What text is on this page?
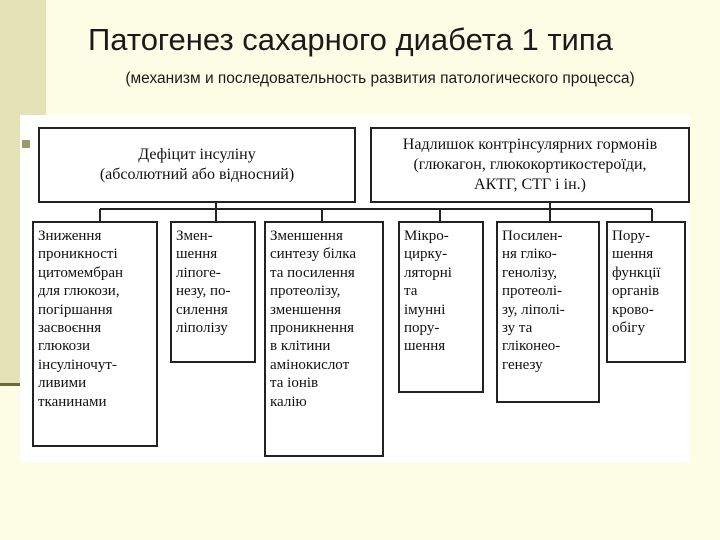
Патогенез сахарного диабета 1 типа
(механизм и последовательность развития патологического процесса)
Дефіцит інсуліну
(абсолютний або відносний)
Надлишок контрінсулярних гормонів
(глюкагон, глюкокортикостероїди,
АКТГ, СТГ і ін.)
Зниження
проникності
цитомембран
для глюкози,
погіршання
засвоєння
глюкози
інсуліночут-
ливими
тканинами
Змен-
шення
ліпоге-
незу, по-
силення
ліполізу
Зменшення
синтезу білка
та посилення
протеолізу,
зменшення
проникнення
в клітини
амінокислот
та іонів
калію
Мікро-
цирку-
ляторні
та
імунні
пору-
шення
Посилен-
ня гліко-
генолізу,
протеолі-
зу, ліполі-
зу та
гліконео-
генезу
Пору-
шення
функції
органів
крово-
обігу
